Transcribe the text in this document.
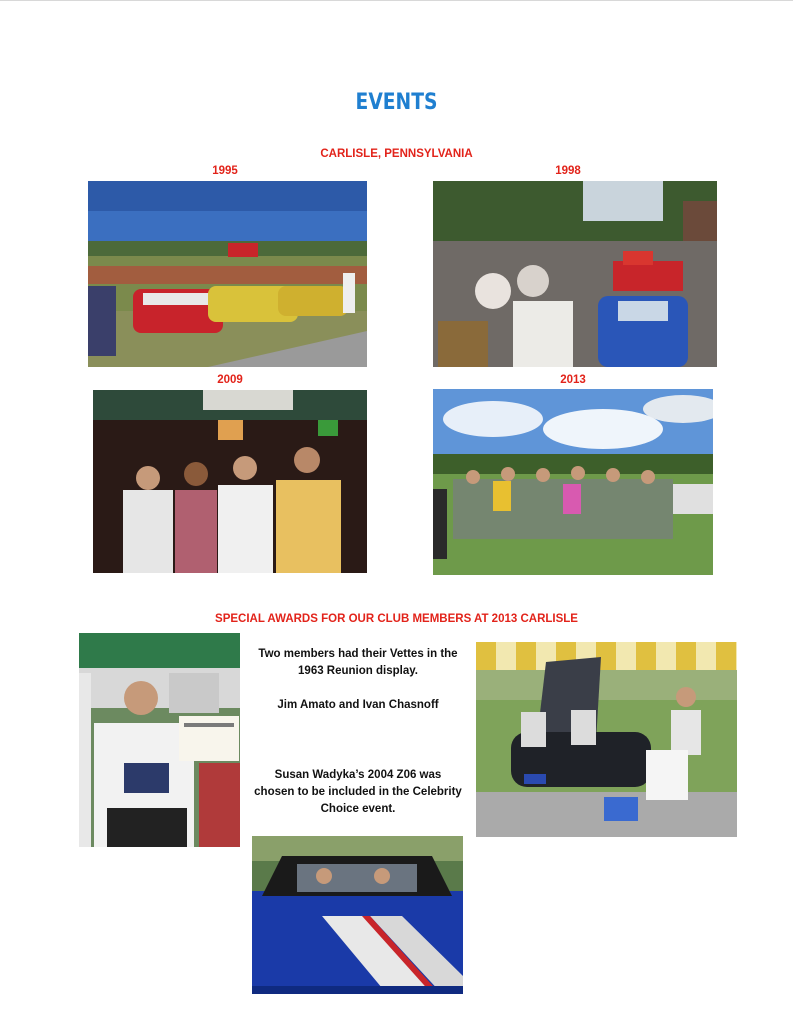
EVENTS
CARLISLE, PENNSYLVANIA
1995	1998
2009	2013
SPECIAL AWARDS FOR OUR CLUB MEMBERS AT 2013 CARLISLE
Two members had their Vettes in the 1963 Reunion display.
Jim Amato and Ivan Chasnoff
Susan Wadyka’s 2004 Z06 was chosen to be included in the Celebrity Choice event.
